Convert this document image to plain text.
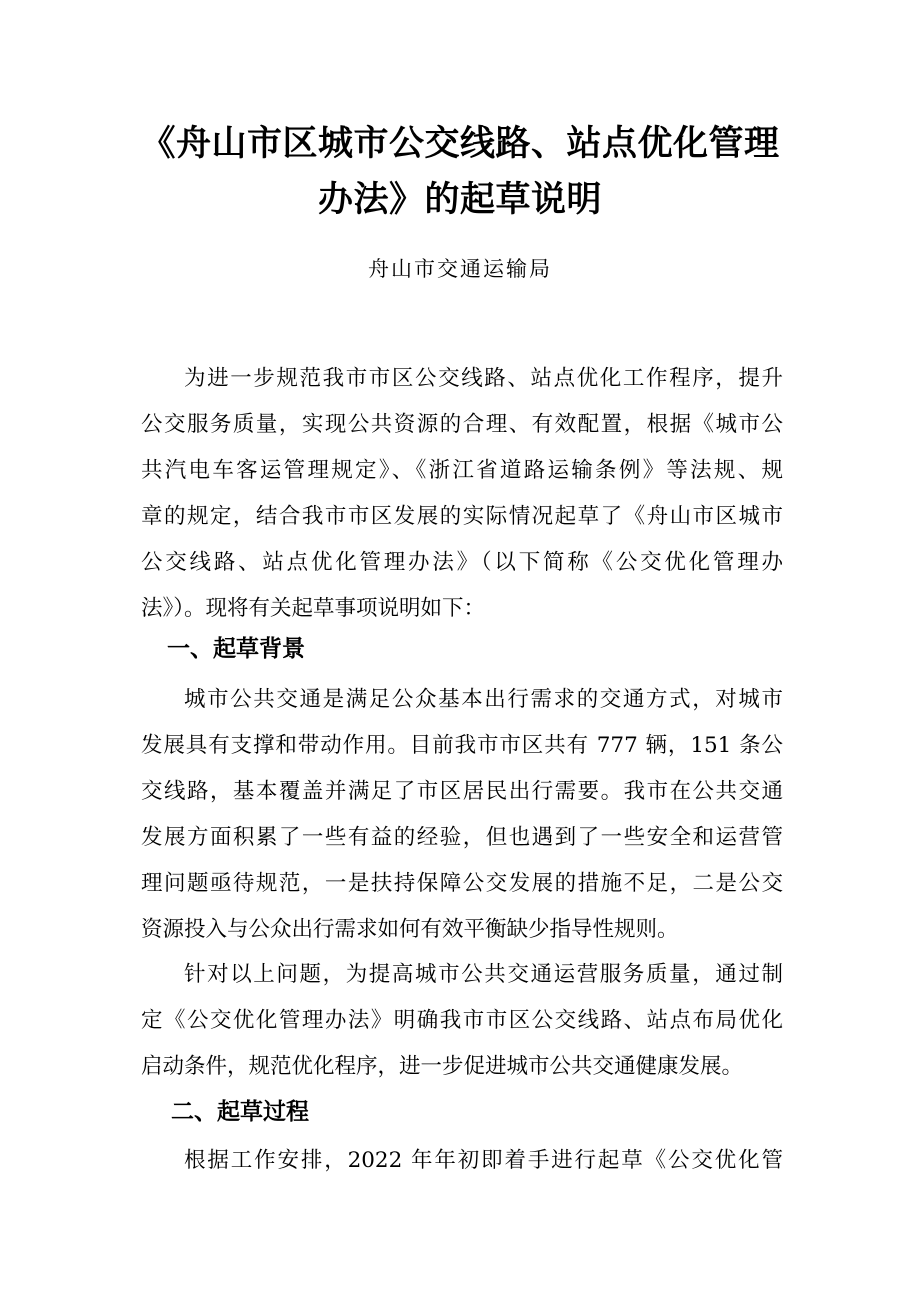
《舟山市区城市公交线路、站点优化管理
办法》的起草说明
舟山市交通运输局
为进一步规范我市市区公交线路、站点优化工作程序，提升
公交服务质量，实现公共资源的合理、有效配置，根据《城市公
共汽电车客运管理规定》、《浙江省道路运输条例》等法规、规
章的规定，结合我市市区发展的实际情况起草了《舟山市区城市
公交线路、站点优化管理办法》（以下简称《公交优化管理办
法》）。现将有关起草事项说明如下：
一、起草背景
城市公共交通是满足公众基本出行需求的交通方式，对城市
发展具有支撑和带动作用。目前我市市区共有 777 辆，151 条公
交线路，基本覆盖并满足了市区居民出行需要。我市在公共交通
发展方面积累了一些有益的经验，但也遇到了一些安全和运营管
理问题亟待规范，一是扶持保障公交发展的措施不足，二是公交
资源投入与公众出行需求如何有效平衡缺少指导性规则。
针对以上问题，为提高城市公共交通运营服务质量，通过制
定《公交优化管理办法》明确我市市区公交线路、站点布局优化
启动条件，规范优化程序，进一步促进城市公共交通健康发展。
二、起草过程
根据工作安排，2022 年年初即着手进行起草《公交优化管
